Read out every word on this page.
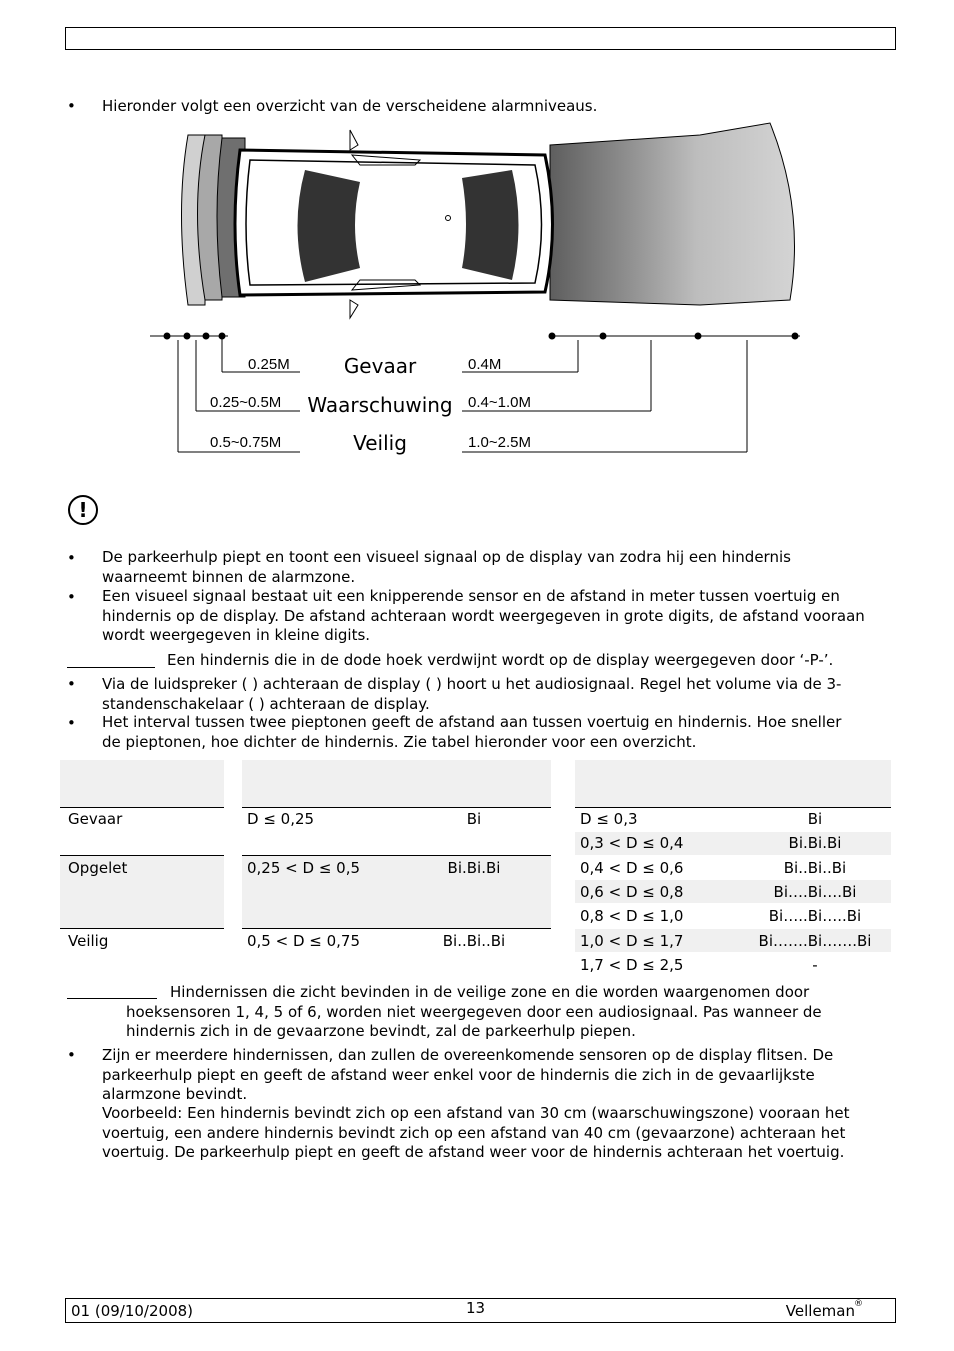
• Hieronder volgt een overzicht van de verscheidene alarmniveaus.
0.25M
0.25~0.5M
0.5~0.75M
Gevaar
Waarschuwing
Veilig
0.4M
0.4~1.0M
1.0~2.5M
!
• De parkeerhulp piept en toont een visueel signaal op de display van zodra hij een hindernis waarneemt binnen de alarmzone.
• Een visueel signaal bestaat uit een knipperende sensor en de afstand in meter tussen voertuig en hindernis op de display. De afstand achteraan wordt weergegeven in grote digits, de afstand vooraan wordt weergegeven in kleine digits.
Een hindernis die in de dode hoek verdwijnt wordt op de display weergegeven door ‘-P-’.
• Via de luidspreker ( ) achteraan de display ( ) hoort u het audiosignaal. Regel het volume via de 3-standenschakelaar ( ) achteraan de display.
• Het interval tussen twee pieptonen geeft de afstand aan tussen voertuig en hindernis. Hoe sneller de pieptonen, hoe dichter de hindernis. Zie tabel hieronder voor een overzicht.
Gevaar
Opgelet
Veilig
D ≤ 0,25
0,25 < D ≤ 0,5
0,5 < D ≤ 0,75
Bi
Bi.Bi.Bi
Bi..Bi..Bi
D ≤ 0,3
0,3 < D ≤ 0,4
0,4 < D ≤ 0,6
0,6 < D ≤ 0,8
0,8 < D ≤ 1,0
1,0 < D ≤ 1,7
1,7 < D ≤ 2,5
Bi
Bi.Bi.Bi
Bi..Bi..Bi
Bi….Bi….Bi
Bi…..Bi…..Bi
Bi…….Bi…….Bi
-
Hindernissen die zicht bevinden in de veilige zone en die worden waargenomen door hoeksensoren 1, 4, 5 of 6, worden niet weergegeven door een audiosignaal. Pas wanneer de hindernis zich in de gevaarzone bevindt, zal de parkeerhulp piepen.
• Zijn er meerdere hindernissen, dan zullen de overeenkomende sensoren op de display flitsen. De parkeerhulp piept en geeft de afstand weer enkel voor de hindernis die zich in de gevaarlijkste alarmzone bevindt.
Voorbeeld: Een hindernis bevindt zich op een afstand van 30 cm (waarschuwingszone) vooraan het voertuig, een andere hindernis bevindt zich op een afstand van 40 cm (gevaarzone) achteraan het voertuig. De parkeerhulp piept en geeft de afstand weer voor de hindernis achteraan het voertuig.
01 (09/10/2008)	13	Velleman ®
